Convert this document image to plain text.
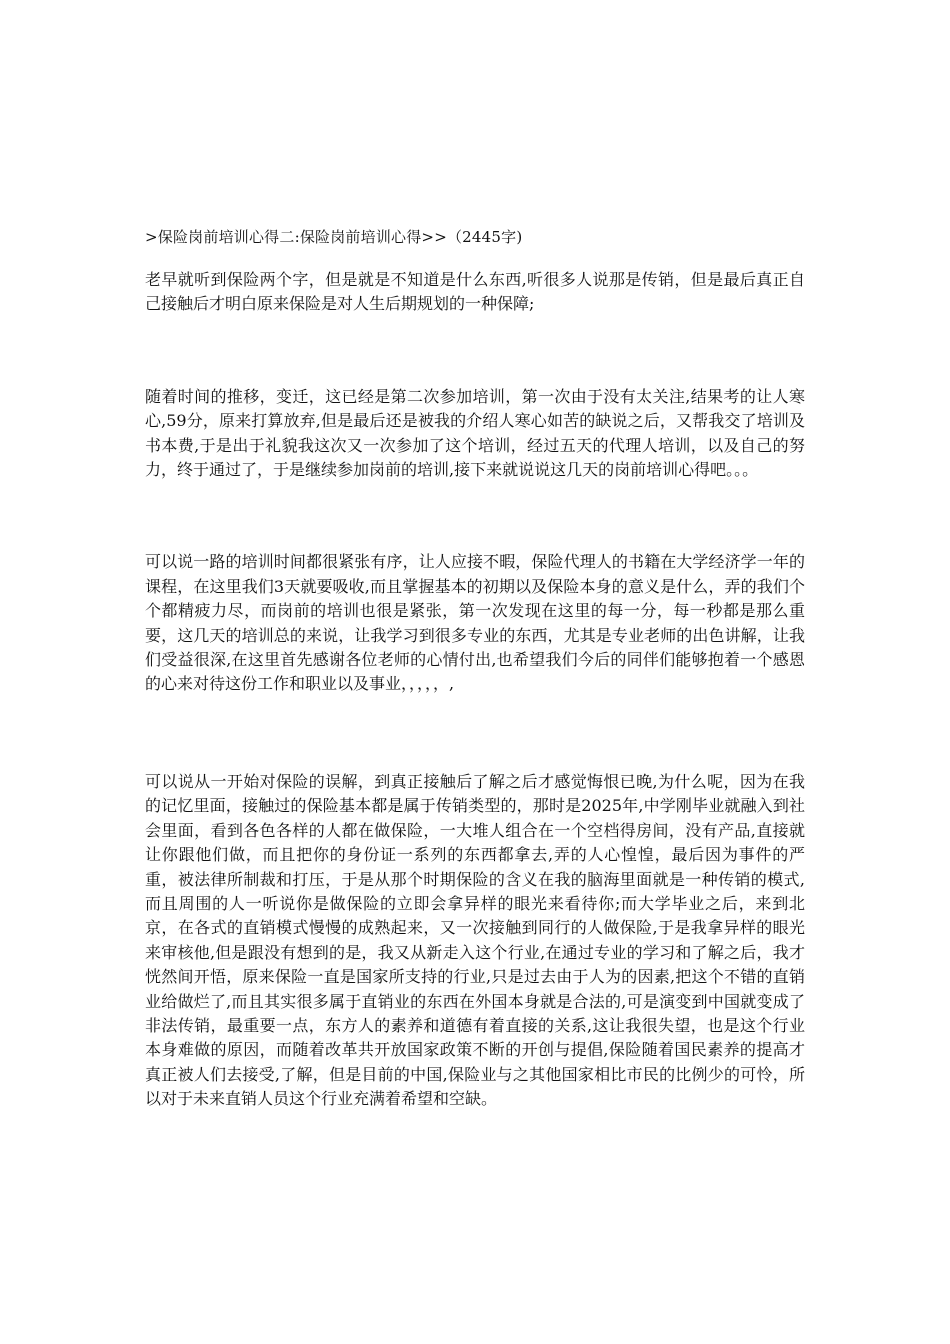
>保险岗前培训心得二:保险岗前培训心得>>（2445字)

老早就听到保险两个字，但是就是不知道是什么东西,听很多人说那是传销，但是最后真正自己接触后才明白原来保险是对人生后期规划的一种保障;

随着时间的推移，变迁，这已经是第二次参加培训，第一次由于没有太关注,结果考的让人寒心,59分，原来打算放弃,但是最后还是被我的介绍人寒心如苦的缺说之后，又帮我交了培训及书本费,于是出于礼貌我这次又一次参加了这个培训，经过五天的代理人培训，以及自己的努力，终于通过了，于是继续参加岗前的培训,接下来就说说这几天的岗前培训心得吧。。。

可以说一路的培训时间都很紧张有序，让人应接不暇，保险代理人的书籍在大学经济学一年的课程，在这里我们3天就要吸收,而且掌握基本的初期以及保险本身的意义是什么，弄的我们个个都精疲力尽，而岗前的培训也很是紧张，第一次发现在这里的每一分，每一秒都是那么重要，这几天的培训总的来说，让我学习到很多专业的东西，尤其是专业老师的出色讲解，让我们受益很深,在这里首先感谢各位老师的心情付出,也希望我们今后的同伴们能够抱着一个感恩的心来对待这份工作和职业以及事业，，，，，,

可以说从一开始对保险的误解，到真正接触后了解之后才感觉悔恨已晚,为什么呢，因为在我的记忆里面，接触过的保险基本都是属于传销类型的，那时是2025年,中学刚毕业就融入到社会里面，看到各色各样的人都在做保险，一大堆人组合在一个空档得房间，没有产品,直接就让你跟他们做，而且把你的身份证一系列的东西都拿去,弄的人心惶惶，最后因为事件的严重，被法律所制裁和打压，于是从那个时期保险的含义在我的脑海里面就是一种传销的模式,而且周围的人一听说你是做保险的立即会拿异样的眼光来看待你;而大学毕业之后，来到北京，在各式的直销模式慢慢的成熟起来，又一次接触到同行的人做保险,于是我拿异样的眼光来审核他,但是跟没有想到的是，我又从新走入这个行业,在通过专业的学习和了解之后，我才恍然间开悟，原来保险一直是国家所支持的行业,只是过去由于人为的因素,把这个不错的直销业给做烂了,而且其实很多属于直销业的东西在外国本身就是合法的,可是演变到中国就变成了非法传销，最重要一点，东方人的素养和道德有着直接的关系,这让我很失望，也是这个行业本身难做的原因，而随着改革共开放国家政策不断的开创与提倡,保险随着国民素养的提高才真正被人们去接受,了解，但是目前的中国,保险业与之其他国家相比市民的比例少的可怜，所以对于未来直销人员这个行业充满着希望和空缺。
